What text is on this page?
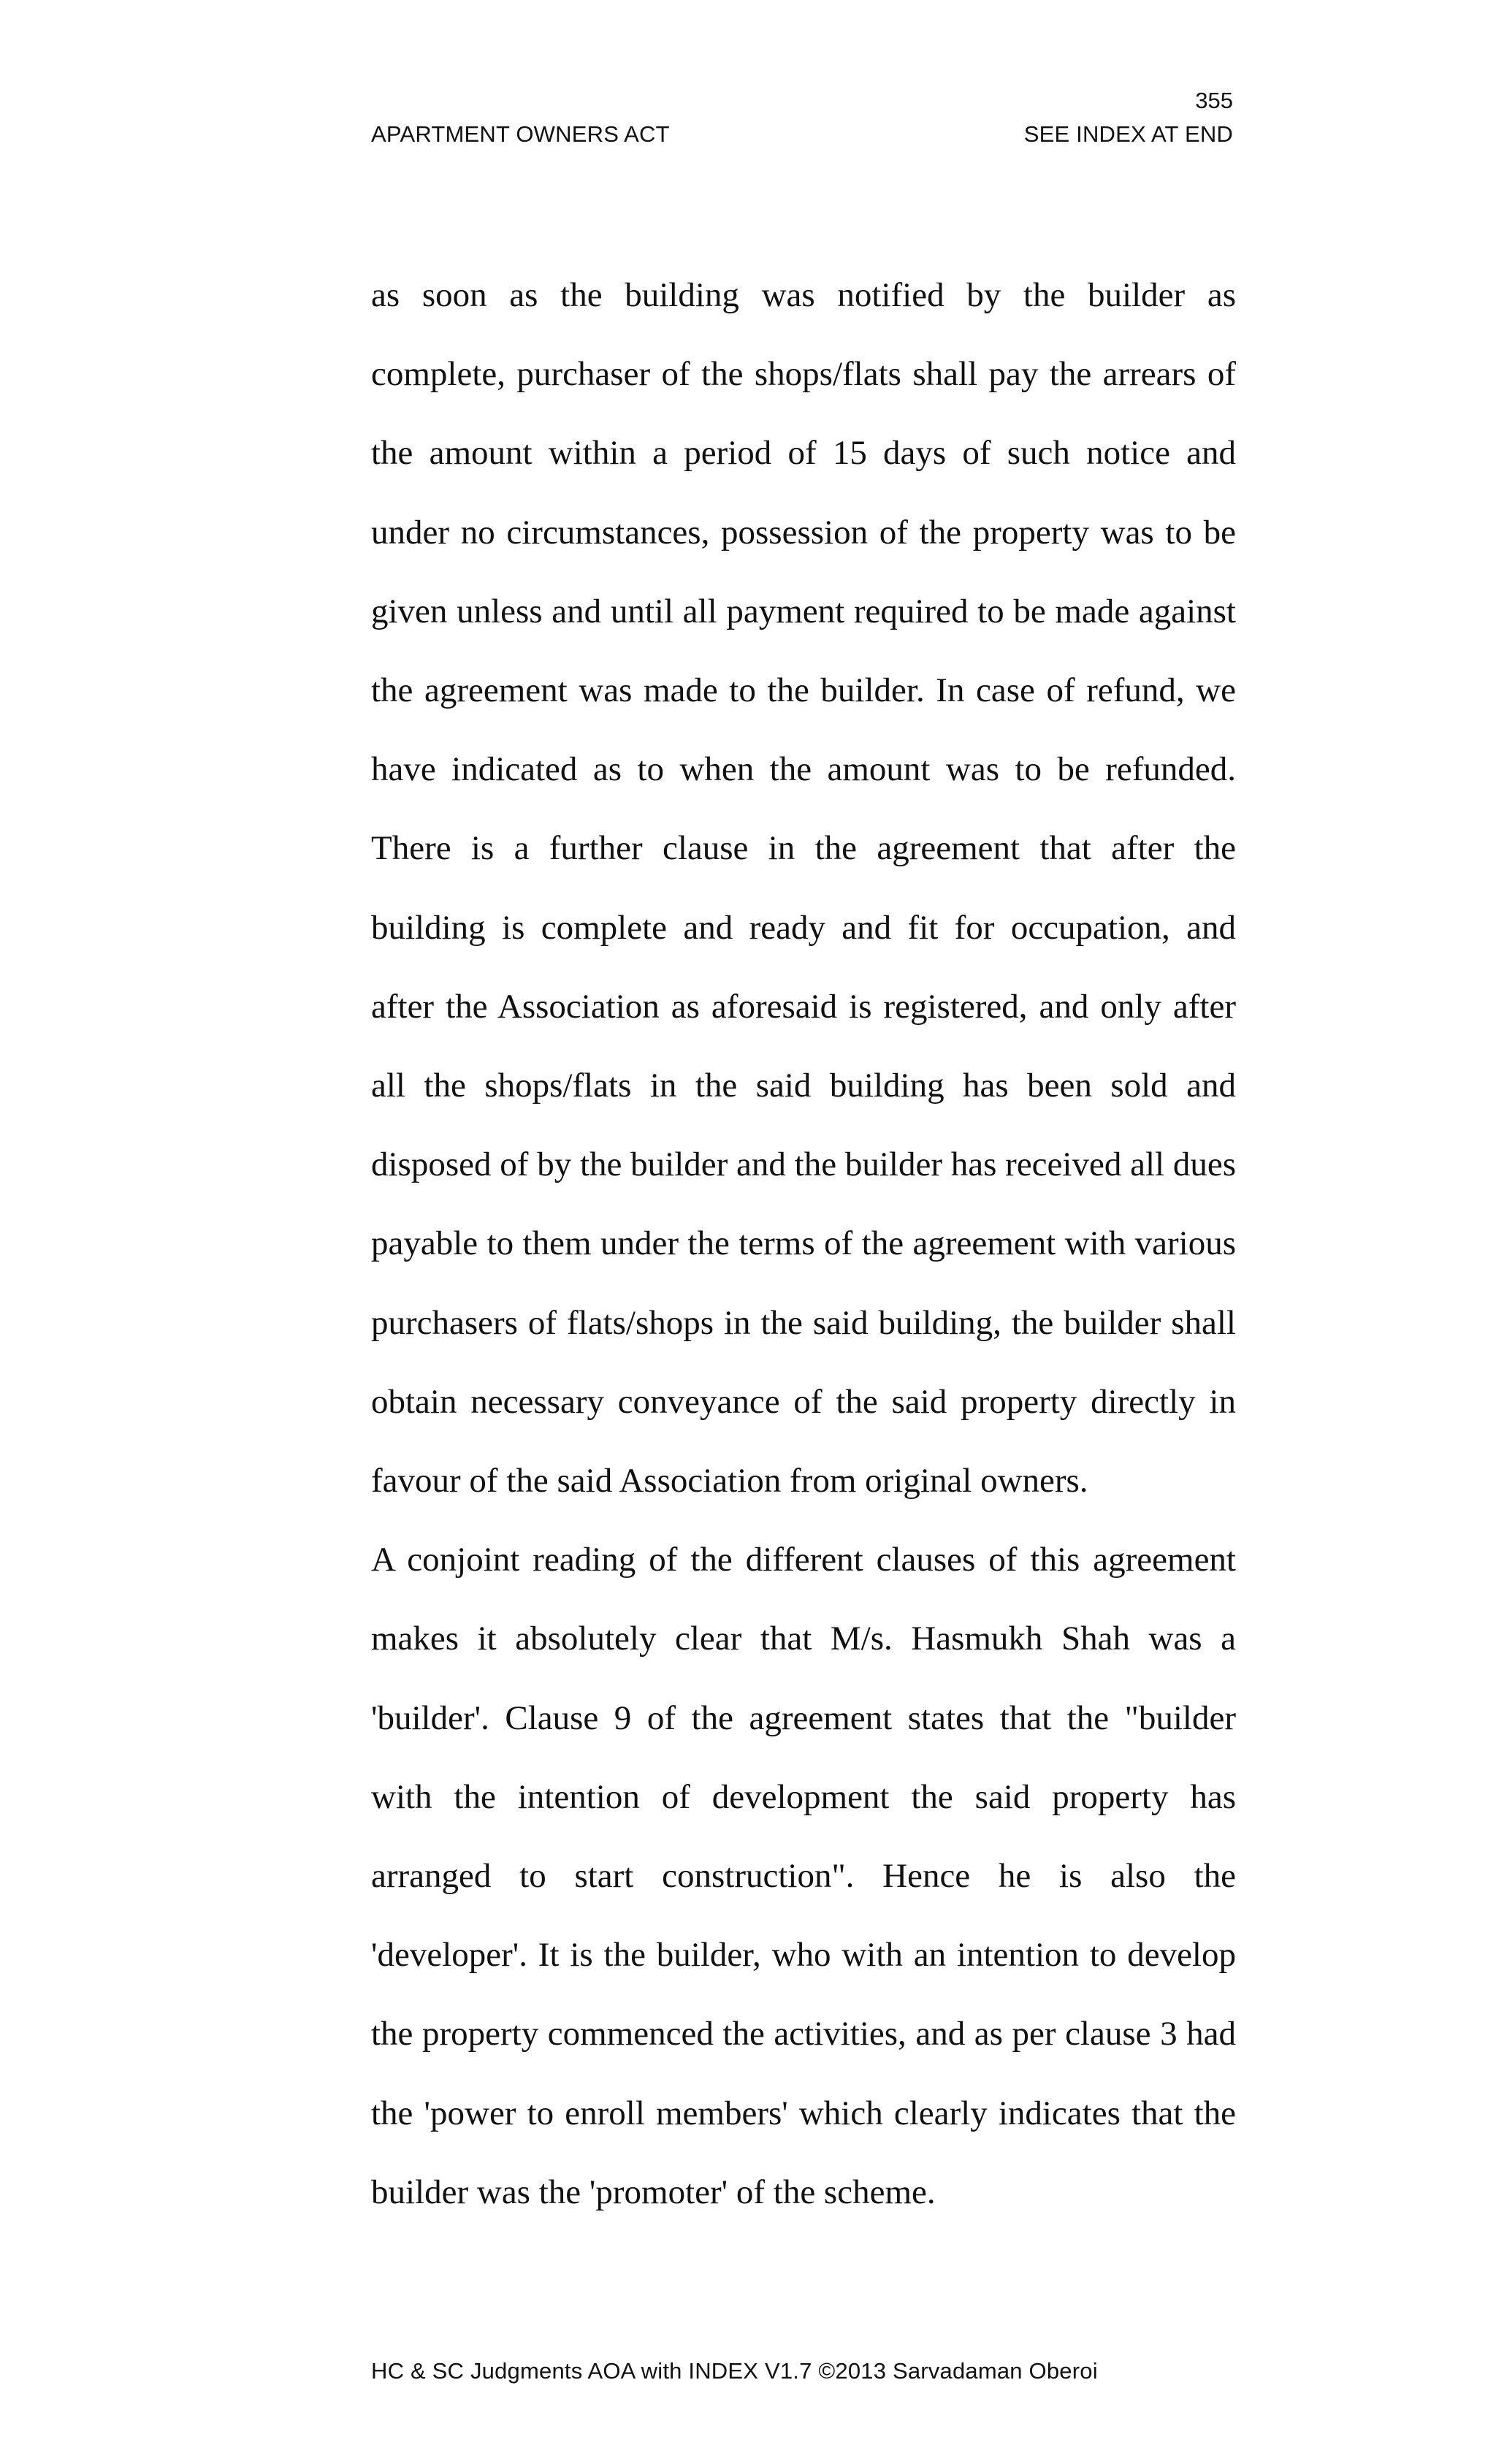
355
APARTMENT OWNERS ACT	SEE INDEX AT END

as soon as the building was notified by the builder as complete, purchaser of the shops/flats shall pay the arrears of the amount within a period of 15 days of such notice and under no circumstances, possession of the property was to be given unless and until all payment required to be made against the agreement was made to the builder. In case of refund, we have indicated as to when the amount was to be refunded. There is a further clause in the agreement that after the building is complete and ready and fit for occupation, and after the Association as aforesaid is registered, and only after all the shops/flats in the said building has been sold and disposed of by the builder and the builder has received all dues payable to them under the terms of the agreement with various purchasers of flats/shops in the said building, the builder shall obtain necessary conveyance of the said property directly in favour of the said Association from original owners.

A conjoint reading of the different clauses of this agreement makes it absolutely clear that M/s. Hasmukh Shah was a 'builder'. Clause 9 of the agreement states that the "builder with the intention of development the said property has arranged to start construction". Hence he is also the 'developer'. It is the builder, who with an intention to develop the property commenced the activities, and as per clause 3 had the 'power to enroll members' which clearly indicates that the builder was the 'promoter' of the scheme.

HC & SC Judgments AOA with INDEX V1.7 ©2013 Sarvadaman Oberoi
